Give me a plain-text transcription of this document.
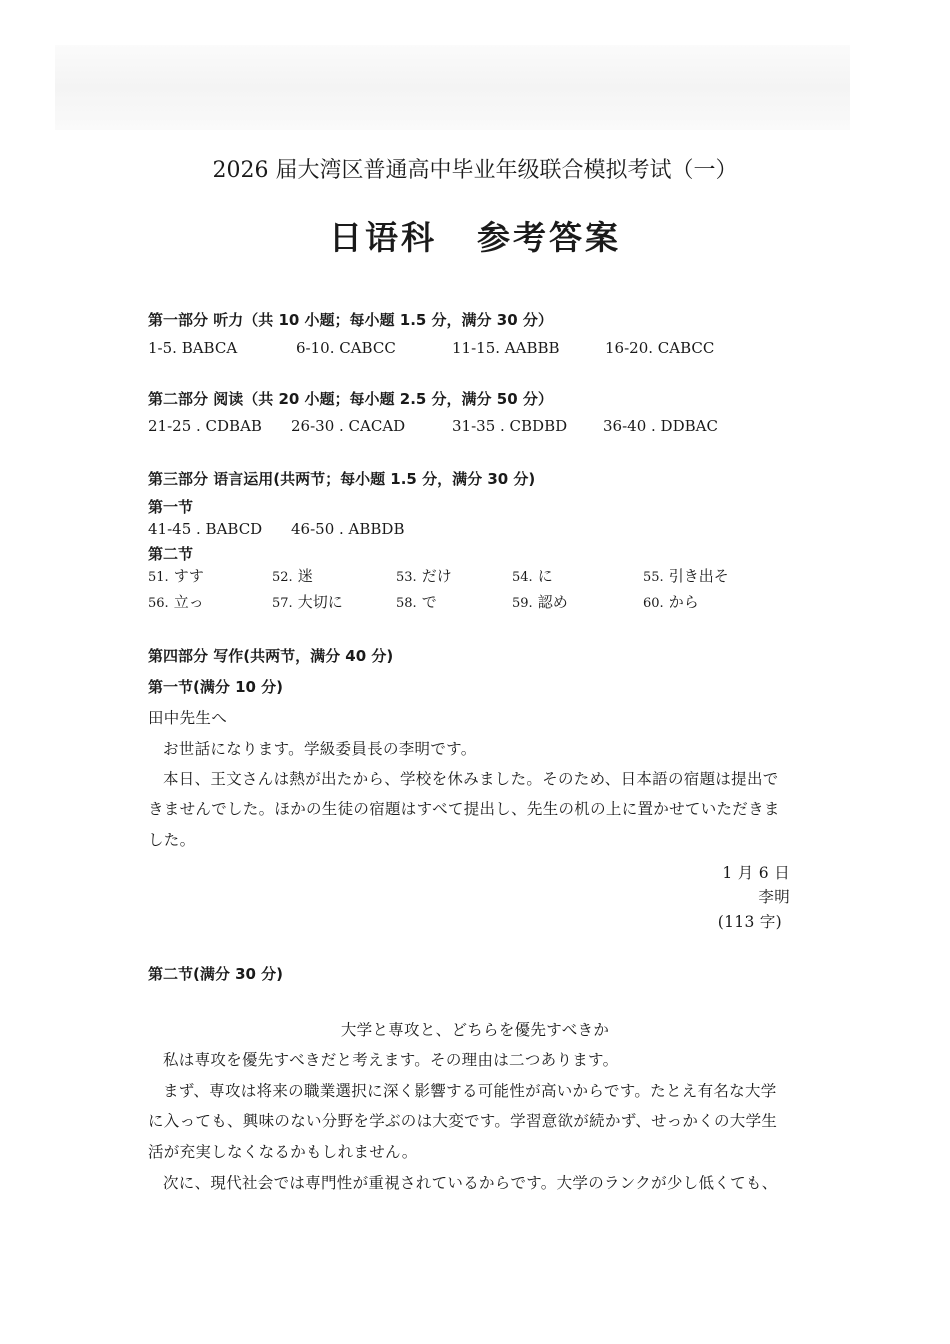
2026 届大湾区普通高中毕业年级联合模拟考试（一）
日语科 参考答案
第一部分 听力（共 10 小题；每小题 1.5 分，满分 30 分）
1-5. BABCA	6-10. CABCC	11-15. AABBB	16-20. CABCC
第二部分 阅读（共 20 小题；每小题 2.5 分，满分 50 分）
21-25 . CDBAB 26-30 . CACAD	31-35 . CBDBD 36-40 . DDBAC
第三部分 语言运用(共两节；每小题 1.5 分，满分 30 分)
第一节
41-45 . BABCD 46-50 . ABBDB
第二节
51. すす	52. 迷	53. だけ	54. に	55. 引き出そ
56. 立っ	57. 大切に	58. で	59. 認め	60. から
第四部分 写作(共两节，满分 40 分)
第一节(满分 10 分)
田中先生へ
お世話になります。学級委員長の李明です。
本日、王文さんは熱が出たから、学校を休みました。そのため、日本語の宿題は提出で
きませんでした。ほかの生徒の宿題はすべて提出し、先生の机の上に置かせていただきま
した。
1 月 6 日
李明
(113 字)
第二节(满分 30 分)
大学と専攻と、どちらを優先すべきか
私は専攻を優先すべきだと考えます。その理由は二つあります。
まず、専攻は将来の職業選択に深く影響する可能性が高いからです。たとえ有名な大学
に入っても、興味のない分野を学ぶのは大変です。学習意欲が続かず、せっかくの大学生
活が充実しなくなるかもしれません。
次に、現代社会では専門性が重視されているからです。大学のランクが少し低くても、
